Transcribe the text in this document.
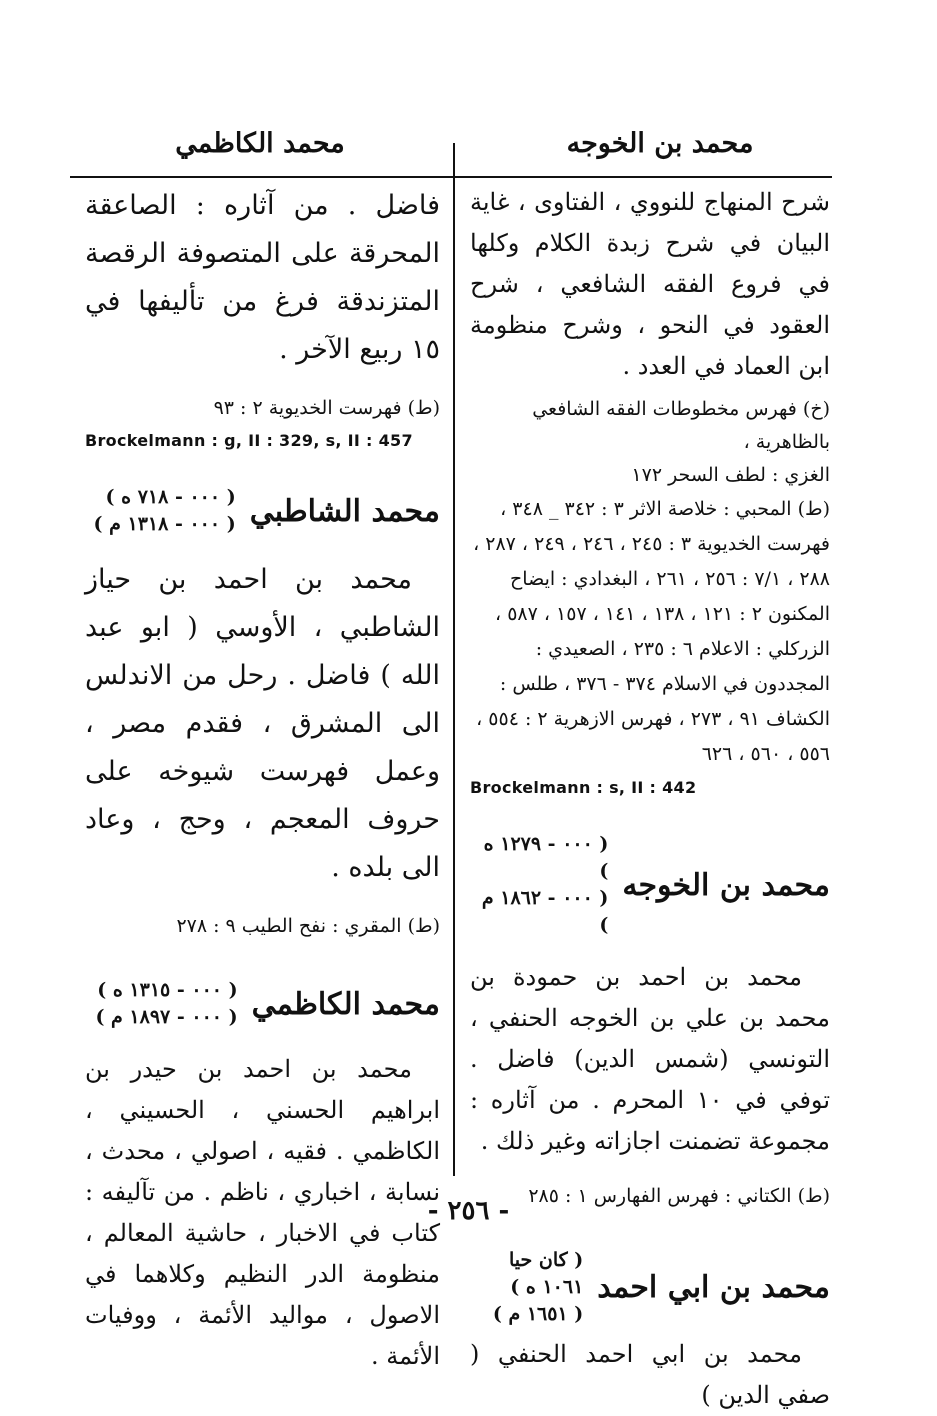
محمد بن الخوجه
محمد الكاظمي

شرح المنهاج للنووي ، الفتاوى ، غاية البيان في شرح زبدة الكلام وكلها في فروع الفقه الشافعي ، شرح العقود في النحو ، وشرح منظومة ابن العماد في العدد .

(خ) فهرس مخطوطات الفقه الشافعي بالظاهرية ،

الغزي : لطف السحر ١٧٢

(ط) المحبي : خلاصة الاثر ٣ : ٣٤٢ _ ٣٤٨ ، فهرست الخديوية ٣ : ٢٤٥ ، ٢٤٦ ، ٢٤٩ ، ٢٨٧ ، ٢٨٨ ، ٧/١ : ٢٥٦ ، ٢٦١ ، البغدادي : ايضاح المكنون ٢ : ١٢١ ، ١٣٨ ، ١٤١ ، ١٥٧ ، ٥٨٧ ، الزركلي : الاعلام ٦ : ٢٣٥ ، الصعيدي : المجددون في الاسلام ٣٧٤ - ٣٧٦ ، طلس : الكشاف ٩١ ، ٢٧٣ ، فهرس الازهرية ٢ : ٥٥٤ ، ٥٥٦ ، ٥٦٠ ، ٦٢٦

Brockelmann : s, II : 442

محمد بن الخوجه
( ٠٠٠ - ١٢٧٩ ه )
( ٠٠٠ - ١٨٦٢ م )

محمد بن احمد بن حمودة بن محمد بن علي بن الخوجه الحنفي ، التونسي (شمس الدين) فاضل . توفي في ١٠ المحرم . من آثاره : مجموعة تضمنت اجازاته وغير ذلك .

(ط) الكتاني : فهرس الفهارس ١ : ٢٨٥

محمد بن ابي احمد
( كان حيا ١٠٦١ ه )
( ١٦٥١ م )

محمد بن ابي احمد الحنفي ( صفي الدين )

فاضل . من آثاره : الصاعقة المحرقة على المتصوفة الرقصة المتزندقة فرغ من تأليفها في ١٥ ربيع الآخر .

(ط) فهرست الخديوية ٢ : ٩٣

Brockelmann : g, II : 329, s, II : 457

محمد الشاطبي
( ٠٠٠ - ٧١٨ ه )
( ٠٠٠ - ١٣١٨ م )

محمد بن احمد بن حياز الشاطبي ، الأوسي ( ابو عبد الله ) فاضل . رحل من الاندلس الى المشرق ، فقدم مصر ، وعمل فهرست شيوخه على حروف المعجم ، وحج ، وعاد الى بلده .

(ط) المقري : نفح الطيب ٩ : ٢٧٨

محمد الكاظمي
( ٠٠٠ - ١٣١٥ ه )
( ٠٠٠ - ١٨٩٧ م )

محمد بن احمد بن حيدر بن ابراهيم الحسني ، الحسيني ، الكاظمي . فقيه ، اصولي ، محدث ، نسابة ، اخباري ، ناظم . من تآليفه : كتاب في الاخبار ، حاشية المعالم ، منظومة الدر النظيم وكلاهما في الاصول ، مواليد الأئمة ، ووفيات الأئمة .

- ٢٥٦ -
